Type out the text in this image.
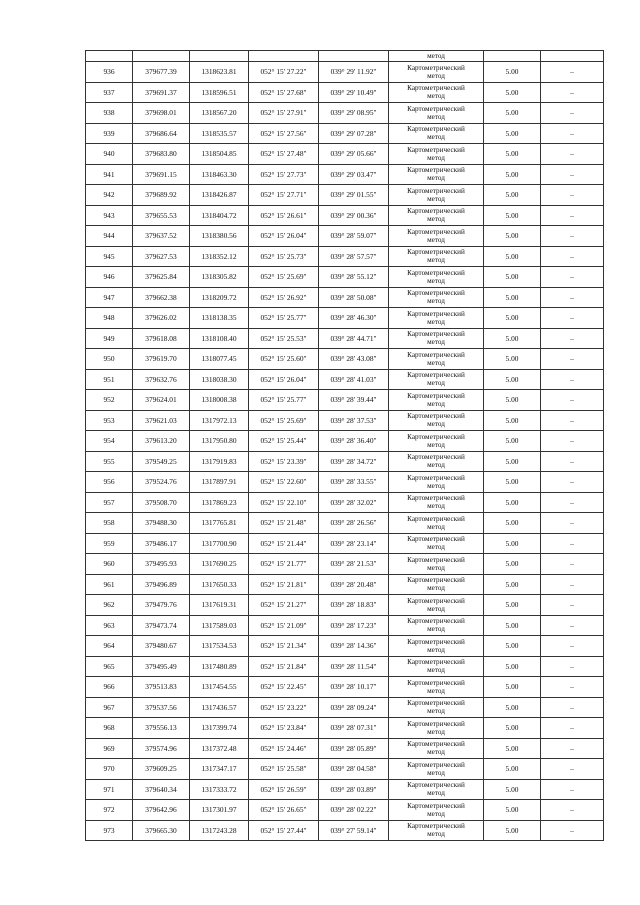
					метод		

936	379677.39	1318623.81	052° 15' 27.22"	039° 29' 11.92"	Картометрический
метод	5.00	–
937	379691.37	1318596.51	052° 15' 27.68"	039° 29' 10.49"	Картометрический
метод	5.00	–
938	379698.01	1318567.20	052° 15' 27.91"	039° 29' 08.95"	Картометрический
метод	5.00	–
939	379686.64	1318535.57	052° 15' 27.56"	039° 29' 07.28"	Картометрический
метод	5.00	–
940	379683.80	1318504.85	052° 15' 27.48"	039° 29' 05.66"	Картометрический
метод	5.00	–
941	379691.15	1318463.30	052° 15' 27.73"	039° 29' 03.47"	Картометрический
метод	5.00	–
942	379689.92	1318426.87	052° 15' 27.71"	039° 29' 01.55"	Картометрический
метод	5.00	–
943	379655.53	1318404.72	052° 15' 26.61"	039° 29' 00.36"	Картометрический
метод	5.00	–
944	379637.52	1318380.56	052° 15' 26.04"	039° 28' 59.07"	Картометрический
метод	5.00	–
945	379627.53	1318352.12	052° 15' 25.73"	039° 28' 57.57"	Картометрический
метод	5.00	–
946	379625.84	1318305.82	052° 15' 25.69"	039° 28' 55.12"	Картометрический
метод	5.00	–
947	379662.38	1318209.72	052° 15' 26.92"	039° 28' 50.08"	Картометрический
метод	5.00	–
948	379626.02	1318138.35	052° 15' 25.77"	039° 28' 46.30"	Картометрический
метод	5.00	–
949	379618.08	1318108.40	052° 15' 25.53"	039° 28' 44.71"	Картометрический
метод	5.00	–
950	379619.70	1318077.45	052° 15' 25.60"	039° 28' 43.08"	Картометрический
метод	5.00	–
951	379632.76	1318038.30	052° 15' 26.04"	039° 28' 41.03"	Картометрический
метод	5.00	–
952	379624.01	1318008.38	052° 15' 25.77"	039° 28' 39.44"	Картометрический
метод	5.00	–
953	379621.03	1317972.13	052° 15' 25.69"	039° 28' 37.53"	Картометрический
метод	5.00	–
954	379613.20	1317950.80	052° 15' 25.44"	039° 28' 36.40"	Картометрический
метод	5.00	–
955	379549.25	1317919.83	052° 15' 23.39"	039° 28' 34.72"	Картометрический
метод	5.00	–
956	379524.76	1317897.91	052° 15' 22.60"	039° 28' 33.55"	Картометрический
метод	5.00	–
957	379508.70	1317869.23	052° 15' 22.10"	039° 28' 32.02"	Картометрический
метод	5.00	–
958	379488.30	1317765.81	052° 15' 21.48"	039° 28' 26.56"	Картометрический
метод	5.00	–
959	379486.17	1317700.90	052° 15' 21.44"	039° 28' 23.14"	Картометрический
метод	5.00	–
960	379495.93	1317690.25	052° 15' 21.77"	039° 28' 21.53"	Картометрический
метод	5.00	–
961	379496.89	1317650.33	052° 15' 21.81"	039° 28' 20.48"	Картометрический
метод	5.00	–
962	379479.76	1317619.31	052° 15' 21.27"	039° 28' 18.83"	Картометрический
метод	5.00	–
963	379473.74	1317589.03	052° 15' 21.09"	039° 28' 17.23"	Картометрический
метод	5.00	–
964	379480.67	1317534.53	052° 15' 21.34"	039° 28' 14.36"	Картометрический
метод	5.00	–
965	379495.49	1317480.89	052° 15' 21.84"	039° 28' 11.54"	Картометрический
метод	5.00	–
966	379513.83	1317454.55	052° 15' 22.45"	039° 28' 10.17"	Картометрический
метод	5.00	–
967	379537.56	1317436.57	052° 15' 23.22"	039° 28' 09.24"	Картометрический
метод	5.00	–
968	379556.13	1317399.74	052° 15' 23.84"	039° 28' 07.31"	Картометрический
метод	5.00	–
969	379574.96	1317372.48	052° 15' 24.46"	039° 28' 05.89"	Картометрический
метод	5.00	–
970	379609.25	1317347.17	052° 15' 25.58"	039° 28' 04.58"	Картометрический
метод	5.00	–
971	379640.34	1317333.72	052° 15' 26.59"	039° 28' 03.89"	Картометрический
метод	5.00	–
972	379642.96	1317301.97	052° 15' 26.65"	039° 28' 02.22"	Картометрический
метод	5.00	–
973	379665.30	1317243.28	052° 15' 27.44"	039° 27' 59.14"	Картометрический
метод	5.00	–
